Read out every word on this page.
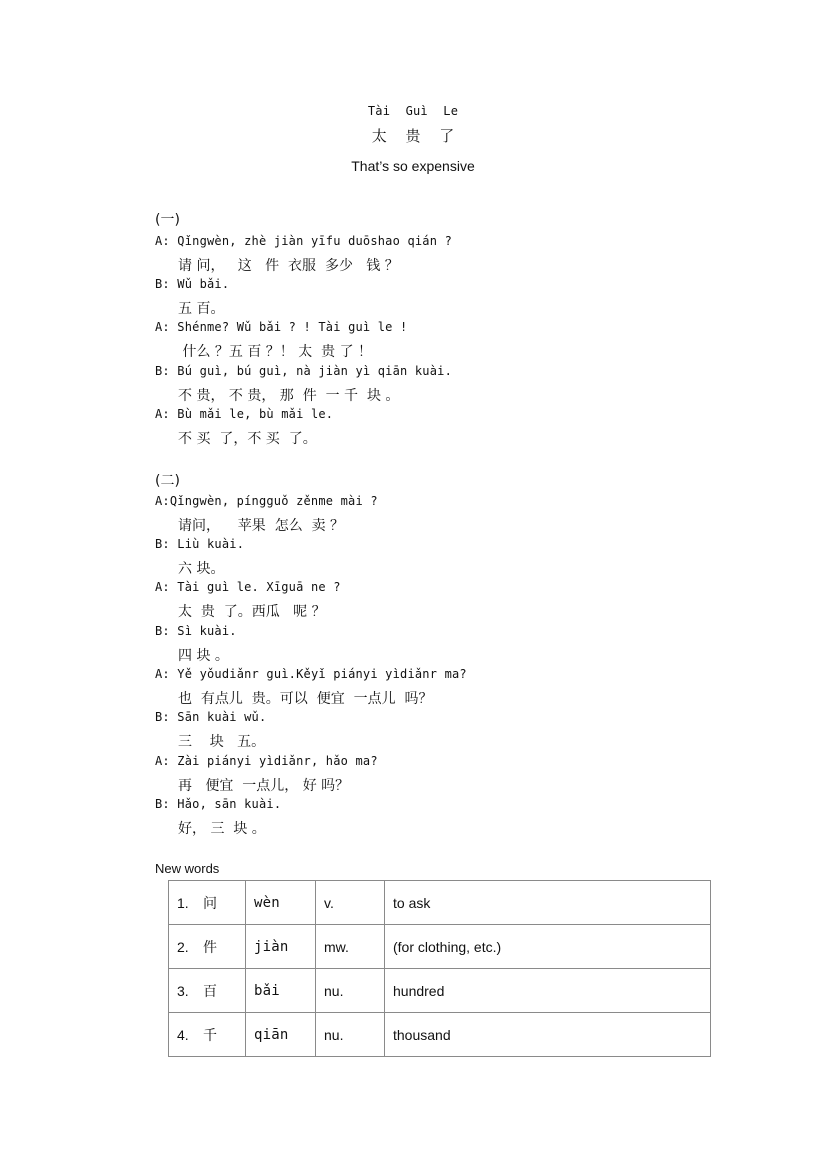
Tài Guì Le
太 贵 了
That’s so expensive
(一)
A: Qǐngwèn, zhè jiàn yīfu duōshao qián ?
请 问，   这   件  衣服  多少   钱 ？
B: Wǔ bǎi.
五 百。
A: Shénme? Wǔ bǎi ? ! Tài guì le !
什么 ？五 百 ？！ 太  贵 了 ！
B: Bú guì, bú guì, nà jiàn yì qiān kuài.
不 贵， 不 贵， 那  件  一 千  块 。
A: Bù mǎi le, bù mǎi le.
不 买  了，不 买  了。
(二)
A:Qǐngwèn, píngguǒ zěnme mài ?
请问，    苹果  怎么  卖 ？
B: Liù kuài.
六 块。
A: Tài guì le. Xīguā ne ?
太  贵  了。西瓜   呢 ？
B: Sì kuài.
四 块 。
A: Yě yǒudiǎnr guì.Kěyǐ piányi yìdiǎnr ma?
也  有点儿  贵。可以  便宜  一点儿  吗？
B: Sān kuài wǔ.
三    块   五。
A: Zài piányi yìdiǎnr, hǎo ma?
再   便宜  一点儿， 好 吗？
B: Hǎo, sān kuài.
好， 三  块 。
New words
1. 问	wèn	v.	to ask
2. 件	jiàn	mw.	(for clothing, etc.)
3. 百	bǎi	nu.	hundred
4. 千	qiān	nu.	thousand
